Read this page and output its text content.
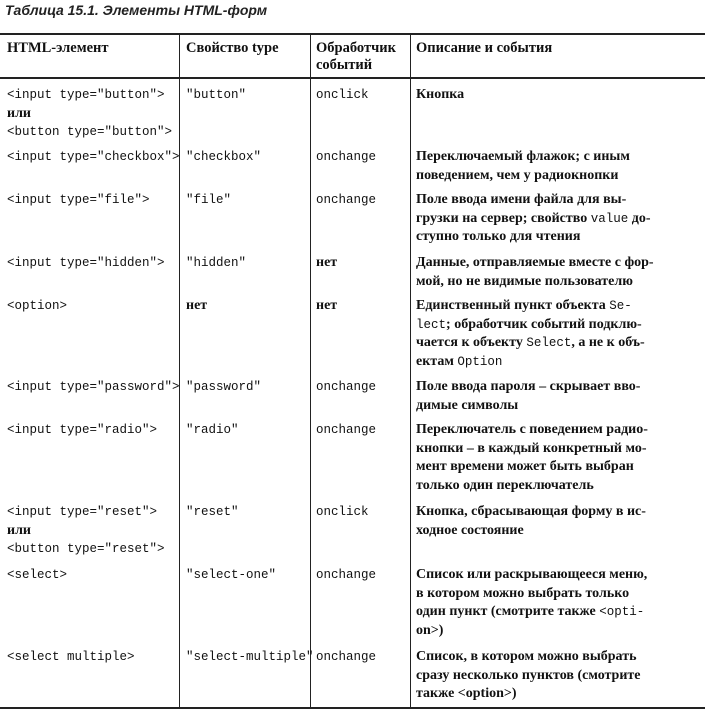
Таблица 15.1. Элементы HTML-форм
HTML-элемент	Свойство type	Обработчик
событий
Описание и события
<input type="button">
или
<button type="button">
<input type="checkbox">
<input type="file">
<input type="hidden">
<option>
<input type="password">
<input type="radio">
<input type="reset">
или
<button type="reset">
<select>
<select multiple>
"button"
"checkbox"
"file"
"hidden"
нет
"password"
"radio"
"reset"
"select-one"
"select-multiple"
onclick
onchange
onchange
нет
нет
onchange
onchange
onclick
onchange
onchange
Кнопка
Переключаемый флажок; с иным
поведением, чем у радиокнопки
Поле ввода имени файла для вы-
грузки на сервер; свойство value до-
ступно только для чтения
Данные, отправляемые вместе с фор-
мой, но не видимые пользователю
Единственный пункт объекта Se-
lect; обработчик событий подклю-
чается к объекту Select, а не к объ-
ектам Option
Поле ввода пароля – скрывает вво-
димые символы
Переключатель с поведением радио-
кнопки – в каждый конкретный мо-
мент времени может быть выбран
только один переключатель
Кнопка, сбрасывающая форму в ис-
ходное состояние
Список или раскрывающееся меню,
в котором можно выбрать только
один пункт (смотрите также <opti-
on>)
Список, в котором можно выбрать
сразу несколько пунктов (смотрите
также <option>)
